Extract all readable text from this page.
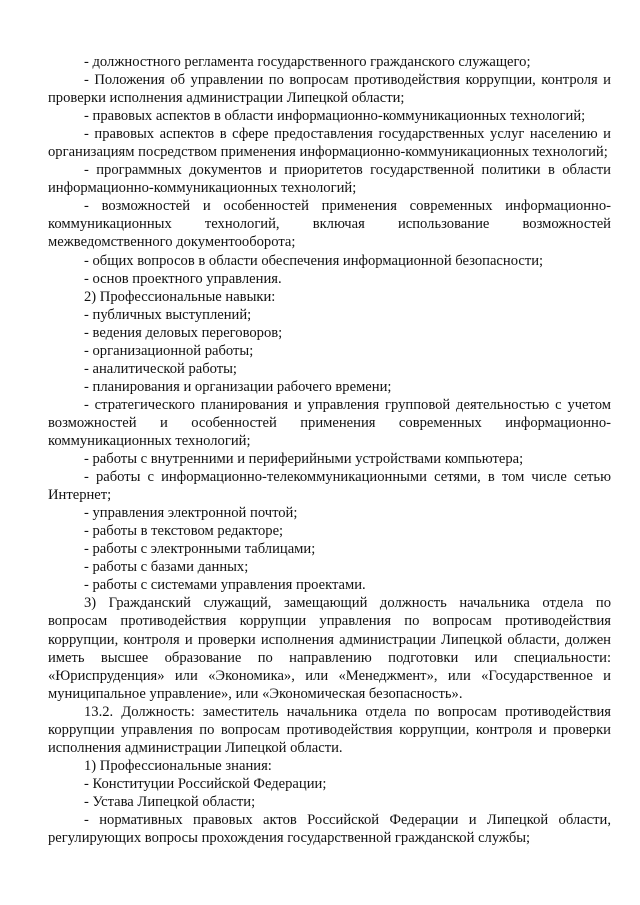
- должностного регламента государственного гражданского служащего;

- Положения об управлении по вопросам противодействия коррупции, контроля и проверки исполнения администрации Липецкой области;

- правовых аспектов в области информационно-коммуникационных технологий;

- правовых аспектов в сфере предоставления государственных услуг населению и организациям посредством применения информационно-коммуникационных технологий;

- программных документов и приоритетов государственной политики в области информационно-коммуникационных технологий;

- возможностей и особенностей применения современных информационно-коммуникационных технологий, включая использование возможностей межведомственного документооборота;

- общих вопросов в области обеспечения информационной безопасности;

- основ проектного управления.

2) Профессиональные навыки:

- публичных выступлений;

- ведения деловых переговоров;

- организационной работы;

- аналитической работы;

- планирования и организации рабочего времени;

- стратегического планирования и управления групповой деятельностью с учетом возможностей и особенностей применения современных информационно-коммуникационных технологий;

- работы с внутренними и периферийными устройствами компьютера;

- работы с информационно-телекоммуникационными сетями, в том числе сетью Интернет;

- управления электронной почтой;

- работы в текстовом редакторе;

- работы с электронными таблицами;

- работы с базами данных;

- работы с системами управления проектами.

3) Гражданский служащий, замещающий должность начальника отдела по вопросам противодействия коррупции управления по вопросам противодействия коррупции, контроля и проверки исполнения администрации Липецкой области, должен иметь высшее образование по направлению подготовки или специальности: «Юриспруденция» или «Экономика», или «Менеджмент», или «Государственное и муниципальное управление», или «Экономическая безопасность».

13.2. Должность: заместитель начальника отдела по вопросам противодействия коррупции управления по вопросам противодействия коррупции, контроля и проверки исполнения администрации Липецкой области.

1) Профессиональные знания:

- Конституции Российской Федерации;

- Устава Липецкой области;

- нормативных правовых актов Российской Федерации и Липецкой области, регулирующих вопросы прохождения государственной гражданской службы;
